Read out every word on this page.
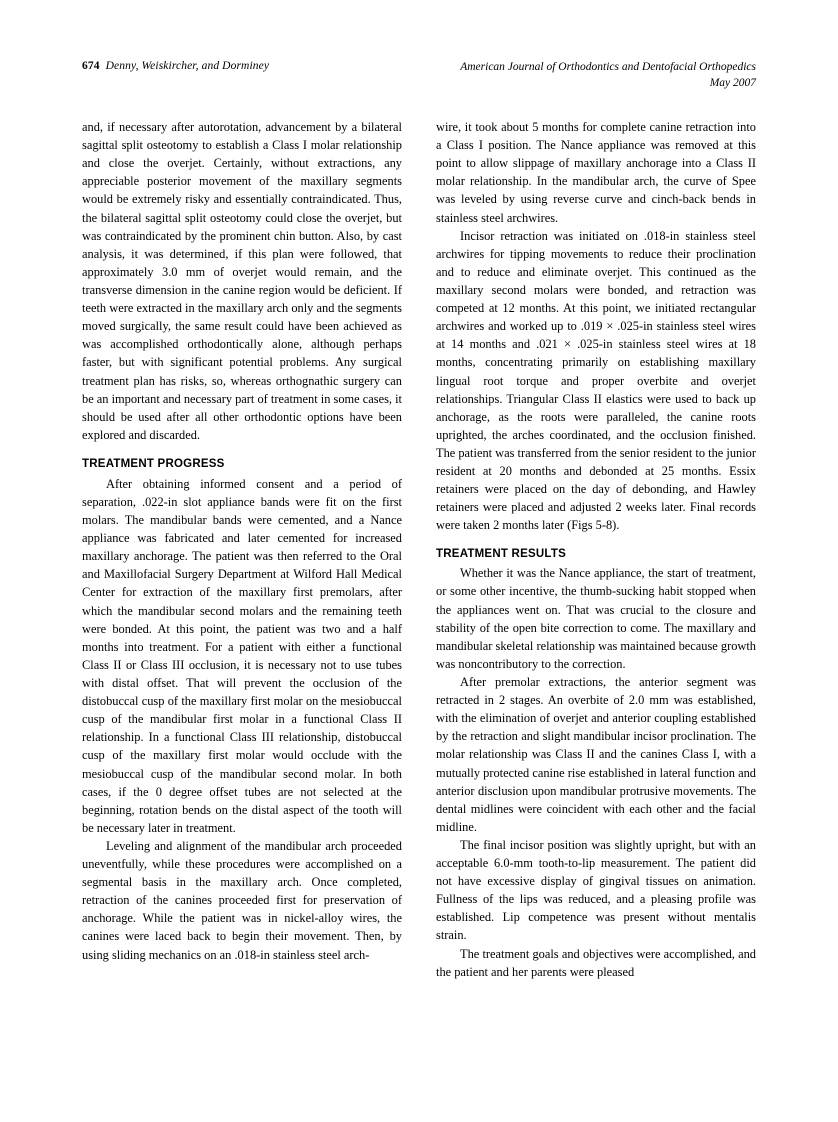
674 Denny, Weiskircher, and Dorminey	American Journal of Orthodontics and Dentofacial Orthopedics
May 2007

and, if necessary after autorotation, advancement by a bilateral sagittal split osteotomy to establish a Class I molar relationship and close the overjet. Certainly, without extractions, any appreciable posterior movement of the maxillary segments would be extremely risky and essentially contraindicated. Thus, the bilateral sagittal split osteotomy could close the overjet, but was contraindicated by the prominent chin button. Also, by cast analysis, it was determined, if this plan were followed, that approximately 3.0 mm of overjet would remain, and the transverse dimension in the canine region would be deficient. If teeth were extracted in the maxillary arch only and the segments moved surgically, the same result could have been achieved as was accomplished orthodontically alone, although perhaps faster, but with significant potential problems. Any surgical treatment plan has risks, so, whereas orthognathic surgery can be an important and necessary part of treatment in some cases, it should be used after all other orthodontic options have been explored and discarded.

TREATMENT PROGRESS

After obtaining informed consent and a period of separation, .022-in slot appliance bands were fit on the first molars. The mandibular bands were cemented, and a Nance appliance was fabricated and later cemented for increased maxillary anchorage. The patient was then referred to the Oral and Maxillofacial Surgery Department at Wilford Hall Medical Center for extraction of the maxillary first premolars, after which the mandibular second molars and the remaining teeth were bonded. At this point, the patient was two and a half months into treatment. For a patient with either a functional Class II or Class III occlusion, it is necessary not to use tubes with distal offset. That will prevent the occlusion of the distobuccal cusp of the maxillary first molar on the mesiobuccal cusp of the mandibular first molar in a functional Class II relationship. In a functional Class III relationship, distobuccal cusp of the maxillary first molar would occlude with the mesiobuccal cusp of the mandibular second molar. In both cases, if the 0 degree offset tubes are not selected at the beginning, rotation bends on the distal aspect of the tooth will be necessary later in treatment.

Leveling and alignment of the mandibular arch proceeded uneventfully, while these procedures were accomplished on a segmental basis in the maxillary arch. Once completed, retraction of the canines proceeded first for preservation of anchorage. While the patient was in nickel-alloy wires, the canines were laced back to begin their movement. Then, by using sliding mechanics on an .018-in stainless steel arch-

wire, it took about 5 months for complete canine retraction into a Class I position. The Nance appliance was removed at this point to allow slippage of maxillary anchorage into a Class II molar relationship. In the mandibular arch, the curve of Spee was leveled by using reverse curve and cinch-back bends in stainless steel archwires.

Incisor retraction was initiated on .018-in stainless steel archwires for tipping movements to reduce their proclination and to reduce and eliminate overjet. This continued as the maxillary second molars were bonded, and retraction was competed at 12 months. At this point, we initiated rectangular archwires and worked up to .019 × .025-in stainless steel wires at 14 months and .021 × .025-in stainless steel wires at 18 months, concentrating primarily on establishing maxillary lingual root torque and proper overbite and overjet relationships. Triangular Class II elastics were used to back up anchorage, as the roots were paralleled, the canine roots uprighted, the arches coordinated, and the occlusion finished. The patient was transferred from the senior resident to the junior resident at 20 months and debonded at 25 months. Essix retainers were placed on the day of debonding, and Hawley retainers were placed and adjusted 2 weeks later. Final records were taken 2 months later (Figs 5-8).

TREATMENT RESULTS

Whether it was the Nance appliance, the start of treatment, or some other incentive, the thumb-sucking habit stopped when the appliances went on. That was crucial to the closure and stability of the open bite correction to come. The maxillary and mandibular skeletal relationship was maintained because growth was noncontributory to the correction.

After premolar extractions, the anterior segment was retracted in 2 stages. An overbite of 2.0 mm was established, with the elimination of overjet and anterior coupling established by the retraction and slight mandibular incisor proclination. The molar relationship was Class II and the canines Class I, with a mutually protected canine rise established in lateral function and anterior disclusion upon mandibular protrusive movements. The dental midlines were coincident with each other and the facial midline.

The final incisor position was slightly upright, but with an acceptable 6.0-mm tooth-to-lip measurement. The patient did not have excessive display of gingival tissues on animation. Fullness of the lips was reduced, and a pleasing profile was established. Lip competence was present without mentalis strain.

The treatment goals and objectives were accomplished, and the patient and her parents were pleased
